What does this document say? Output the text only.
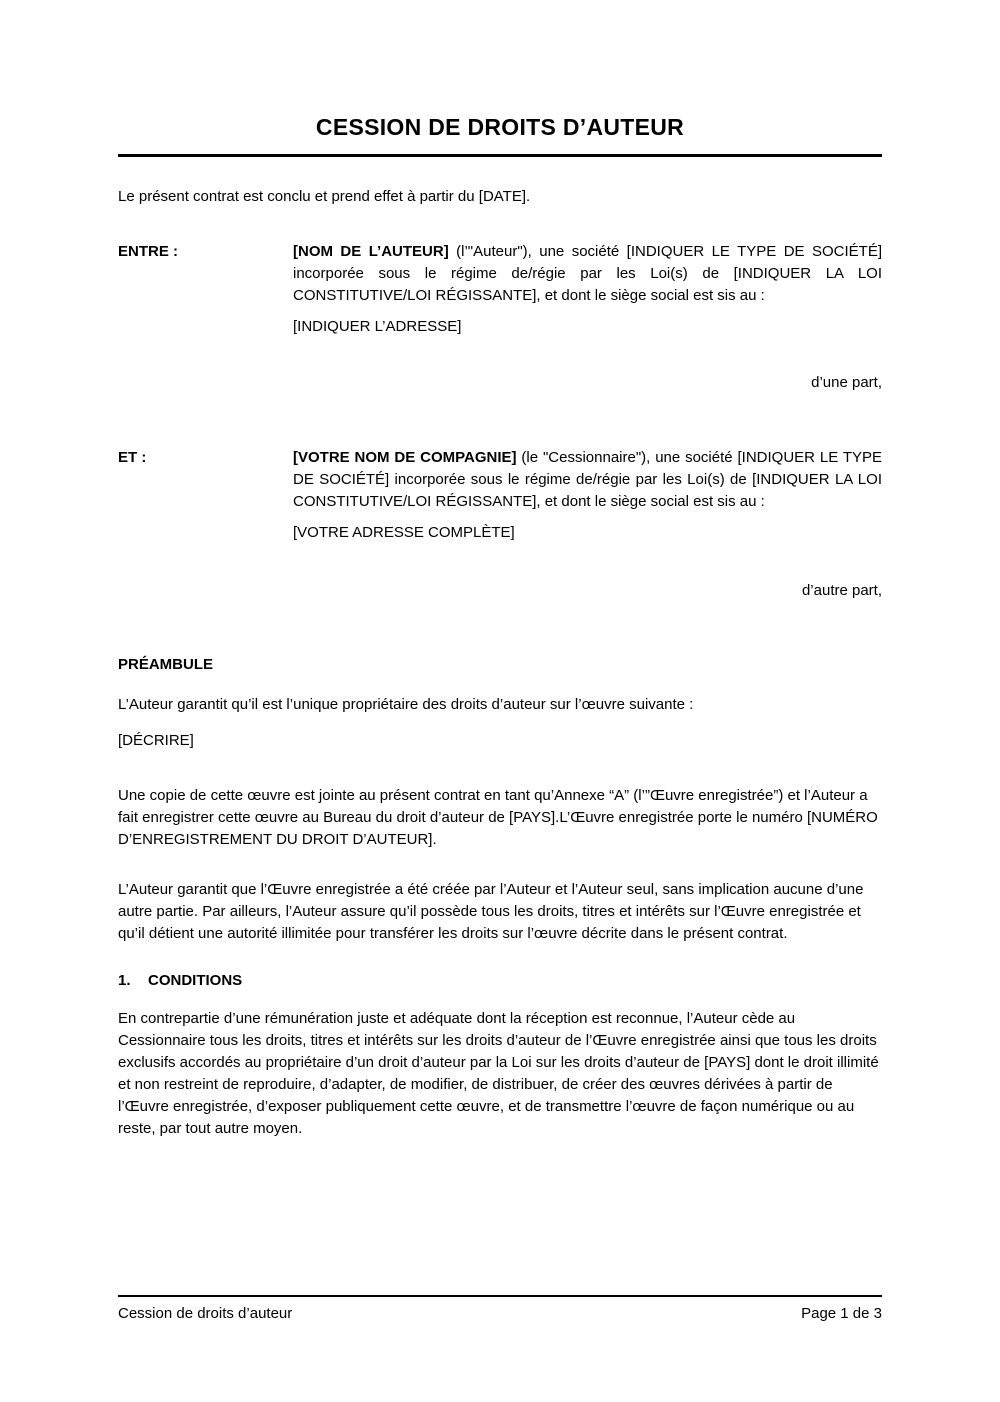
CESSION DE DROITS D’AUTEUR

Le présent contrat est conclu et prend effet à partir du [DATE].

ENTRE :	[NOM DE L’AUTEUR] (l’"Auteur"), une société [INDIQUER LE TYPE DE SOCIÉTÉ] incorporée sous le régime de/régie par les Loi(s) de [INDIQUER LA LOI CONSTITUTIVE/LOI RÉGISSANTE], et dont le siège social est sis au :

[INDIQUER L’ADRESSE]

d’une part,

ET :	[VOTRE NOM DE COMPAGNIE] (le "Cessionnaire"), une société [INDIQUER LE TYPE DE SOCIÉTÉ] incorporée sous le régime de/régie par les Loi(s) de [INDIQUER LA LOI CONSTITUTIVE/LOI RÉGISSANTE], et dont le siège social est sis au :

[VOTRE ADRESSE COMPLÈTE]

d’autre part,

PRÉAMBULE

L’Auteur garantit qu’il est l’unique propriétaire des droits d’auteur sur l’œuvre suivante :

[DÉCRIRE]

Une copie de cette œuvre est jointe au présent contrat en tant qu’Annexe “A” (l’”Œuvre enregistrée”) et l’Auteur a fait enregistrer cette œuvre au Bureau du droit d’auteur de [PAYS].L’Œuvre enregistrée porte le numéro [NUMÉRO D’ENREGISTREMENT DU DROIT D’AUTEUR].

L’Auteur garantit que l’Œuvre enregistrée a été créée par l’Auteur et l’Auteur seul, sans implication aucune d’une autre partie. Par ailleurs, l’Auteur assure qu’il possède tous les droits, titres et intérêts sur l’Œuvre enregistrée et qu’il détient une autorité illimitée pour transférer les droits sur l’œuvre décrite dans le présent contrat.

1.	CONDITIONS

En contrepartie d’une rémunération juste et adéquate dont la réception est reconnue, l’Auteur cède au Cessionnaire tous les droits, titres et intérêts sur les droits d’auteur de l’Œuvre enregistrée ainsi que tous les droits exclusifs accordés au propriétaire d’un droit d’auteur par la Loi sur les droits d’auteur de [PAYS] dont le droit illimité et non restreint de reproduire, d’adapter, de modifier, de distribuer, de créer des œuvres dérivées à partir de l’Œuvre enregistrée, d’exposer publiquement cette œuvre, et de transmettre l’œuvre de façon numérique ou au reste, par tout autre moyen.

Cession de droits d’auteur	Page 1 de 3
